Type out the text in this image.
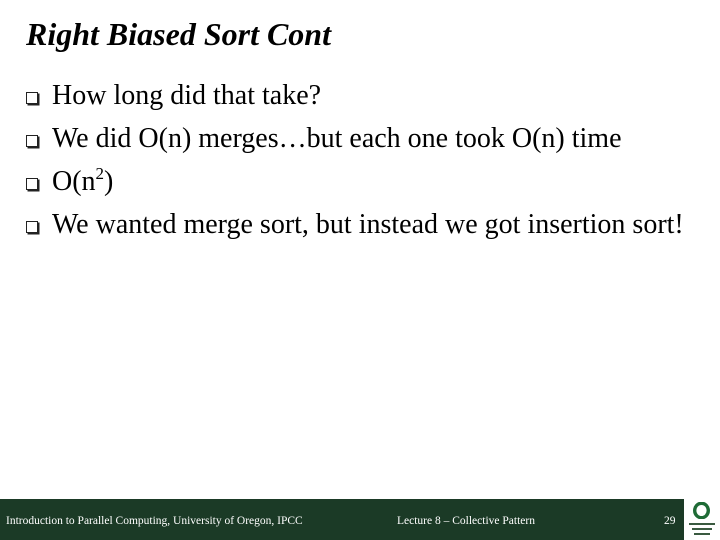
Right Biased Sort Cont
How long did that take?
We did O(n) merges…but each one took O(n) time
$O(n^2)$
We wanted merge sort, but instead we got insertion sort!
Introduction to Parallel Computing, University of Oregon, IPCC	Lecture 8 – Collective Pattern	29
